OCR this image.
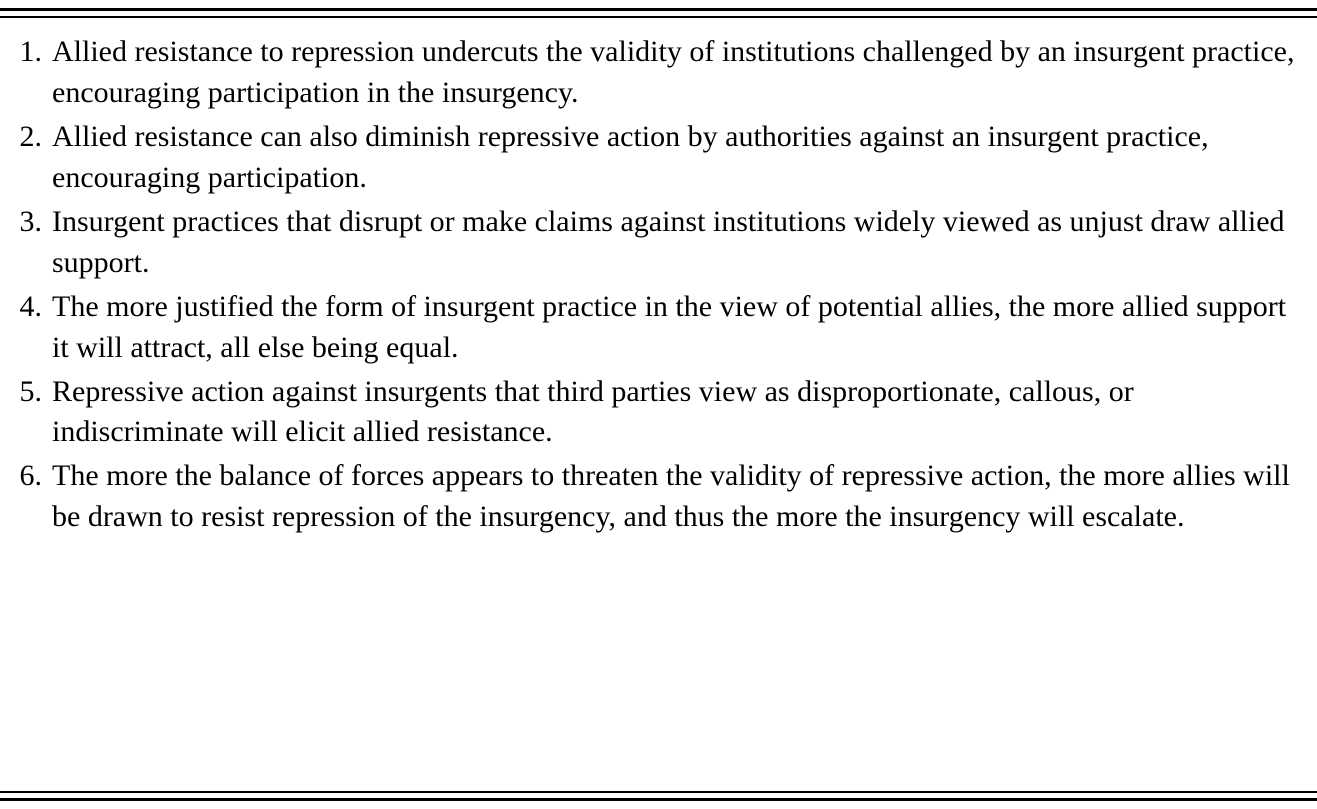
1. Allied resistance to repression undercuts the validity of institutions challenged by an insurgent practice, encouraging participation in the insurgency.
2. Allied resistance can also diminish repressive action by authorities against an insurgent practice, encouraging participation.
3. Insurgent practices that disrupt or make claims against institutions widely viewed as unjust draw allied support.
4. The more justified the form of insurgent practice in the view of potential allies, the more allied support it will attract, all else being equal.
5. Repressive action against insurgents that third parties view as disproportionate, callous, or indiscriminate will elicit allied resistance.
6. The more the balance of forces appears to threaten the validity of repressive action, the more allies will be drawn to resist repression of the insurgency, and thus the more the insurgency will escalate.
